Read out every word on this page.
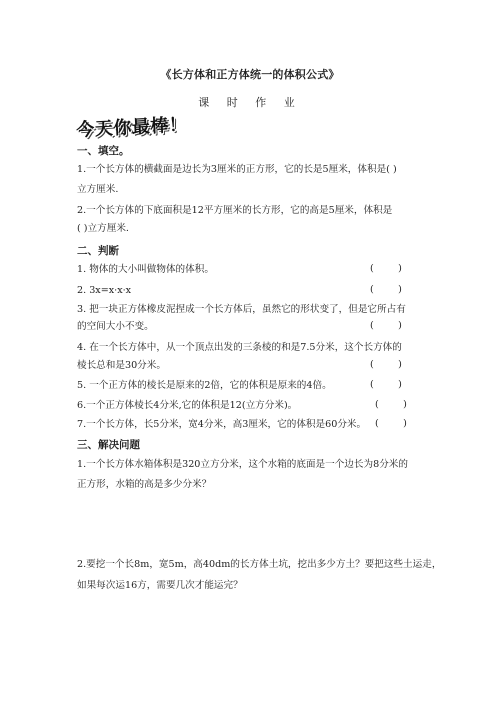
《长方体和正方体统一的体积公式》
课 时 作 业
今天你最棒！
一、填空。
1.一个长方体的横截面是边长为3厘米的正方形，它的长是5厘米，体积是( )
立方厘米.
2.一个长方体的下底面积是12平方厘米的长方形，它的高是5厘米，体积是
( )立方厘米.
二、判断
1. 物体的大小叫做物体的体积。	(        )
2. 3x=x·x·x	(        )
3. 把一块正方体橡皮泥捏成一个长方体后，虽然它的形状变了，但是它所占有
的空间大小不变。	(        )
4. 在一个长方体中，从一个顶点出发的三条棱的和是7.5分米，这个长方体的
棱长总和是30分米。	(        )
5. 一个正方体的棱长是原来的2倍，它的体积是原来的4倍。	(        )
6.一个正方体棱长4分米,它的体积是12(立方分米)。	(        )
7.一个长方体，长5分米，宽4分米，高3厘米，它的体积是60分米。 (        )
三、解决问题
1.一个长方体水箱体积是320立方分米，这个水箱的底面是一个边长为8分米的
正方形，水箱的高是多少分米？
2.要挖一个长8m，宽5m，高40dm的长方体土坑，挖出多少方土？要把这些土运走，
如果每次运16方，需要几次才能运完？
